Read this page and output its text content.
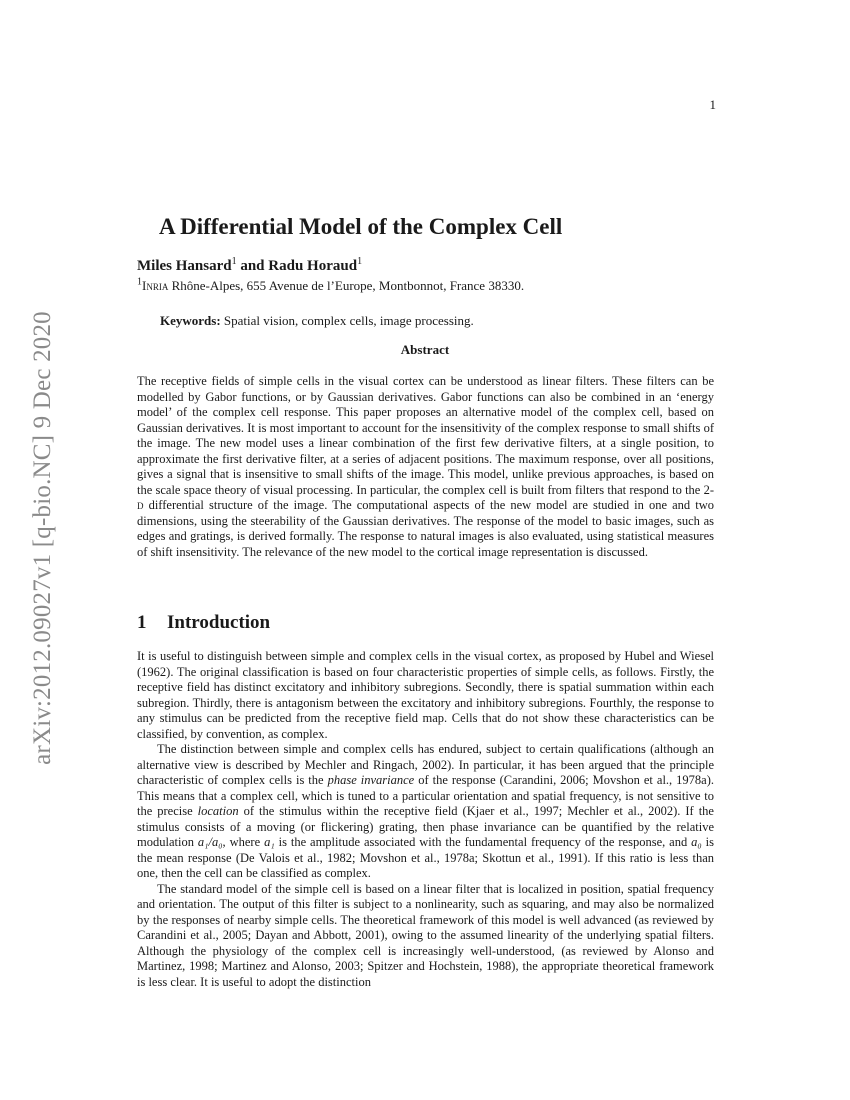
1
arXiv:2012.09027v1 [q-bio.NC] 9 Dec 2020
A Differential Model of the Complex Cell
Miles Hansard$^1$ and Radu Horaud$^1$
$^1$Inria Rhône-Alpes, 655 Avenue de l’Europe, Montbonnot, France 38330.
Keywords: Spatial vision, complex cells, image processing.
Abstract

The receptive fields of simple cells in the visual cortex can be understood as linear filters. These filters can be modelled by Gabor functions, or by Gaussian derivatives. Gabor functions can also be combined in an ‘energy model’ of the complex cell response. This paper proposes an alternative model of the complex cell, based on Gaussian derivatives. It is most important to account for the insensitivity of the complex response to small shifts of the image. The new model uses a linear combination of the first few derivative filters, at a single position, to approximate the first derivative filter, at a series of adjacent positions. The maximum response, over all positions, gives a signal that is insensitive to small shifts of the image. This model, unlike previous approaches, is based on the scale space theory of visual processing. In particular, the complex cell is built from filters that respond to the 2-d differential structure of the image. The computational aspects of the new model are studied in one and two dimensions, using the steerability of the Gaussian derivatives. The response of the model to basic images, such as edges and gratings, is derived formally. The response to natural images is also evaluated, using statistical measures of shift insensitivity. The relevance of the new model to the cortical image representation is discussed.

1 Introduction

It is useful to distinguish between simple and complex cells in the visual cortex, as proposed by Hubel and Wiesel (1962). The original classification is based on four characteristic properties of simple cells, as follows. Firstly, the receptive field has distinct excitatory and inhibitory subregions. Secondly, there is spatial summation within each subregion. Thirdly, there is antagonism between the excitatory and inhibitory subregions. Fourthly, the response to any stimulus can be predicted from the receptive field map. Cells that do not show these characteristics can be classified, by convention, as complex.

The distinction between simple and complex cells has endured, subject to certain qualifications (although an alternative view is described by Mechler and Ringach, 2002). In particular, it has been argued that the principle characteristic of complex cells is the phase invariance of the response (Carandini, 2006; Movshon et al., 1978a). This means that a complex cell, which is tuned to a particular orientation and spatial frequency, is not sensitive to the precise location of the stimulus within the receptive field (Kjaer et al., 1997; Mechler et al., 2002). If the stimulus consists of a moving (or flickering) grating, then phase invariance can be quantified by the relative modulation a₁/a₀, where a₁ is the amplitude associated with the fundamental frequency of the response, and a₀ is the mean response (De Valois et al., 1982; Movshon et al., 1978a; Skottun et al., 1991). If this ratio is less than one, then the cell can be classified as complex.

The standard model of the simple cell is based on a linear filter that is localized in position, spatial frequency and orientation. The output of this filter is subject to a nonlinearity, such as squaring, and may also be normalized by the responses of nearby simple cells. The theoretical framework of this model is well advanced (as reviewed by Carandini et al., 2005; Dayan and Abbott, 2001), owing to the assumed linearity of the underlying spatial filters. Although the physiology of the complex cell is increasingly well-understood, (as reviewed by Alonso and Martinez, 1998; Martinez and Alonso, 2003; Spitzer and Hochstein, 1988), the appropriate theoretical framework is less clear. It is useful to adopt the distinction
